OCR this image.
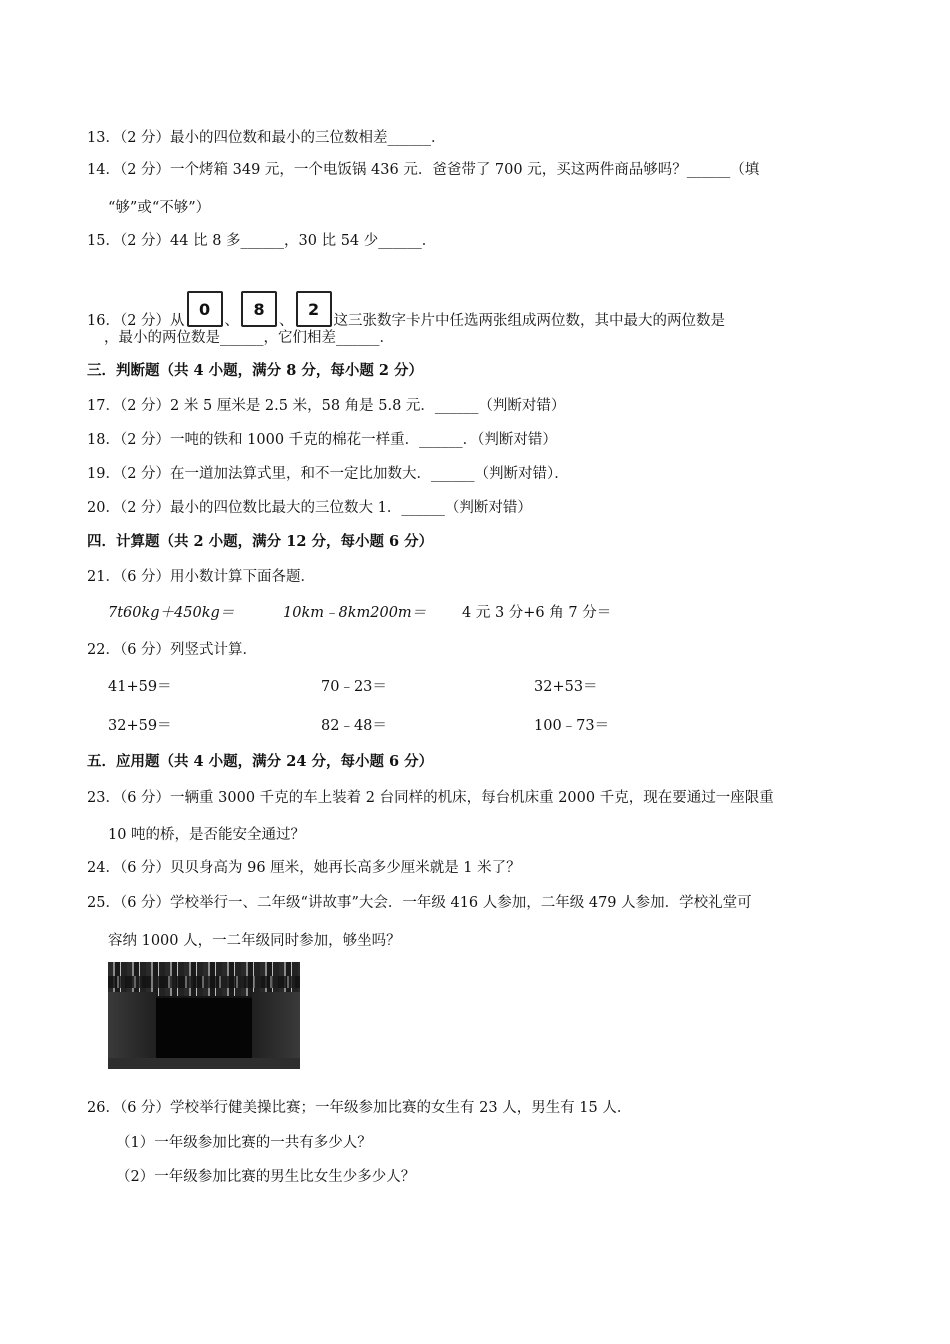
13．（2 分）最小的四位数和最小的三位数相差______．
14．（2 分）一个烤箱 349 元，一个电饭锅 436 元．爸爸带了 700 元，买这两件商品够吗？______（填
“够”或“不够”）
15．（2 分）44 比 8 多______，30 比 54 少______．
16．（2 分）从0、8、2这三张数字卡片中任选两张组成两位数，其中最大的两位数是
，最小的两位数是______，它们相差______．
三．判断题（共 4 小题，满分 8 分，每小题 2 分）
17．（2 分）2 米 5 厘米是 2.5 米，58 角是 5.8 元．______（判断对错）
18．（2 分）一吨的铁和 1000 千克的棉花一样重．______．（判断对错）
19．（2 分）在一道加法算式里，和不一定比加数大．______（判断对错）．
20．（2 分）最小的四位数比最大的三位数大 1．______（判断对错）
四．计算题（共 2 小题，满分 12 分，每小题 6 分）
21．（6 分）用小数计算下面各题．
7t60kg＋450kg＝	10km﹣8km200m＝ 4 元 3 分+6 角 7 分＝
22．（6 分）列竖式计算．
41+59＝	70﹣23＝	32+53＝
32+59＝	82﹣48＝	100﹣73＝
五．应用题（共 4 小题，满分 24 分，每小题 6 分）
23．（6 分）一辆重 3000 千克的车上装着 2 台同样的机床，每台机床重 2000 千克，现在要通过一座限重
10 吨的桥，是否能安全通过？
24．（6 分）贝贝身高为 96 厘米，她再长高多少厘米就是 1 米了？
25．（6 分）学校举行一、二年级“讲故事”大会．一年级 416 人参加，二年级 479 人参加．学校礼堂可
容纳 1000 人，一二年级同时参加，够坐吗？
26．（6 分）学校举行健美操比赛；一年级参加比赛的女生有 23 人，男生有 15 人．
（1）一年级参加比赛的一共有多少人？
（2）一年级参加比赛的男生比女生少多少人？
